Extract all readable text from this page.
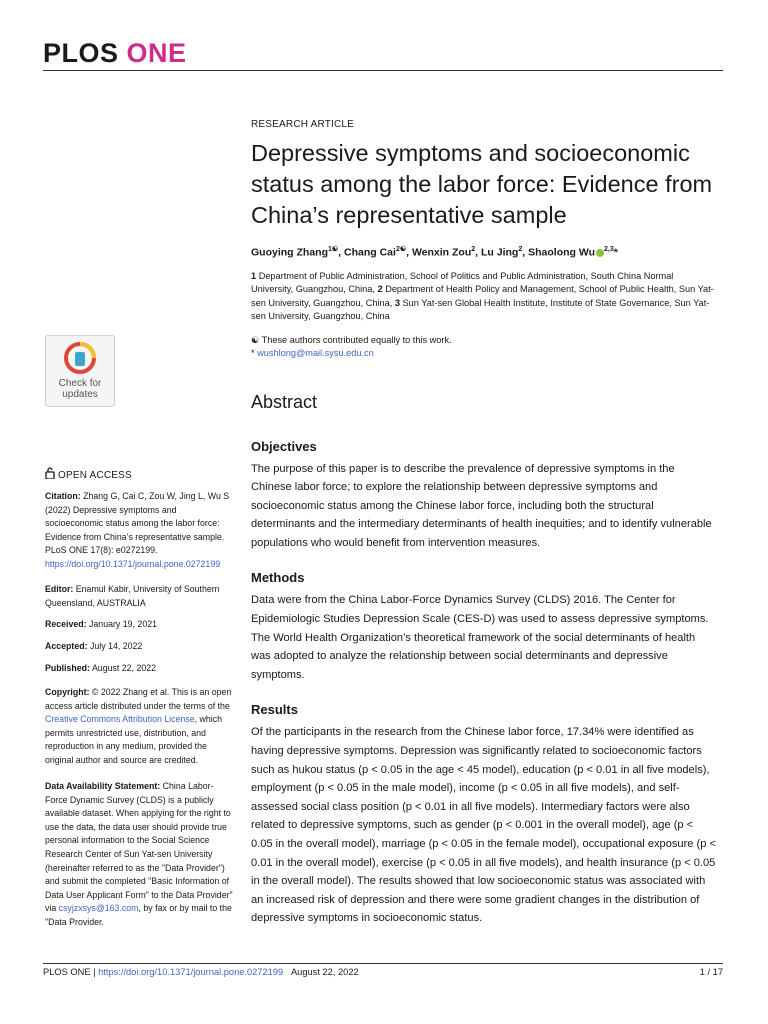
PLOS ONE

RESEARCH ARTICLE

Depressive symptoms and socioeconomic status among the labor force: Evidence from China’s representative sample
Guoying Zhang$^{1☯}$, Chang Cai$^{2☯}$, Wenxin Zou$^2$, Lu Jing$^2$, Shaolong Wu $^{2,3}$*
1 Department of Public Administration, School of Politics and Public Administration, South China Normal University, Guangzhou, China, 2 Department of Health Policy and Management, School of Public Health, Sun Yat-sen University, Guangzhou, China, 3 Sun Yat-sen Global Health Institute, Institute of State Governance, Sun Yat-sen University, Guangzhou, China
☯ These authors contributed equally to this work.
* wushlong@mail.sysu.edu.cn
Abstract
Objectives

The purpose of this paper is to describe the prevalence of depressive symptoms in the Chinese labor force; to explore the relationship between depressive symptoms and socioeconomic status among the Chinese labor force, including both the structural determinants and the intermediary determinants of health inequities; and to identify vulnerable populations who would benefit from intervention measures.

Methods

Data were from the China Labor-Force Dynamics Survey (CLDS) 2016. The Center for Epidemiologic Studies Depression Scale (CES-D) was used to assess depressive symptoms. The World Health Organization’s theoretical framework of the social determinants of health was adopted to analyze the relationship between social determinants and depressive symptoms.

Results

Of the participants in the research from the Chinese labor force, 17.34% were identified as having depressive symptoms. Depression was significantly related to socioeconomic factors such as hukou status (p < 0.05 in the age < 45 model), education (p < 0.01 in all five models), employment (p < 0.05 in the male model), income (p < 0.05 in all five models), and self-assessed social class position (p < 0.01 in all five models). Intermediary factors were also related to depressive symptoms, such as gender (p < 0.001 in the overall model), age (p < 0.05 in the overall model), marriage (p < 0.05 in the female model), occupational exposure (p < 0.01 in the overall model), exercise (p < 0.05 in all five models), and health insurance (p < 0.05 in the overall model). The results showed that low socioeconomic status was associated with an increased risk of depression and there were some gradient changes in the distribution of depressive symptoms in socioeconomic status.

Check for
updates
OPEN ACCESS

Citation: Zhang G, Cai C, Zou W, Jing L, Wu S (2022) Depressive symptoms and socioeconomic status among the labor force: Evidence from China’s representative sample. PLoS ONE 17(8): e0272199. https://doi.org/10.1371/journal.pone.0272199

Editor: Enamul Kabir, University of Southern Queensland, AUSTRALIA

Received: January 19, 2021

Accepted: July 14, 2022

Published: August 22, 2022

Copyright: © 2022 Zhang et al. This is an open access article distributed under the terms of the Creative Commons Attribution License, which permits unrestricted use, distribution, and reproduction in any medium, provided the original author and source are credited.

Data Availability Statement: China Labor-Force Dynamic Survey (CLDS) is a publicly available dataset. When applying for the right to use the data, the data user should provide true personal information to the Social Science Research Center of Sun Yat-sen University (hereinafter referred to as the "Data Provider") and submit the completed "Basic Information of Data User Applicant Form" to the Data Provider" via csyjzxsys@163.com, by fax or by mail to the "Data Provider.

PLOS ONE | https://doi.org/10.1371/journal.pone.0272199 August 22, 2022	1 / 17
